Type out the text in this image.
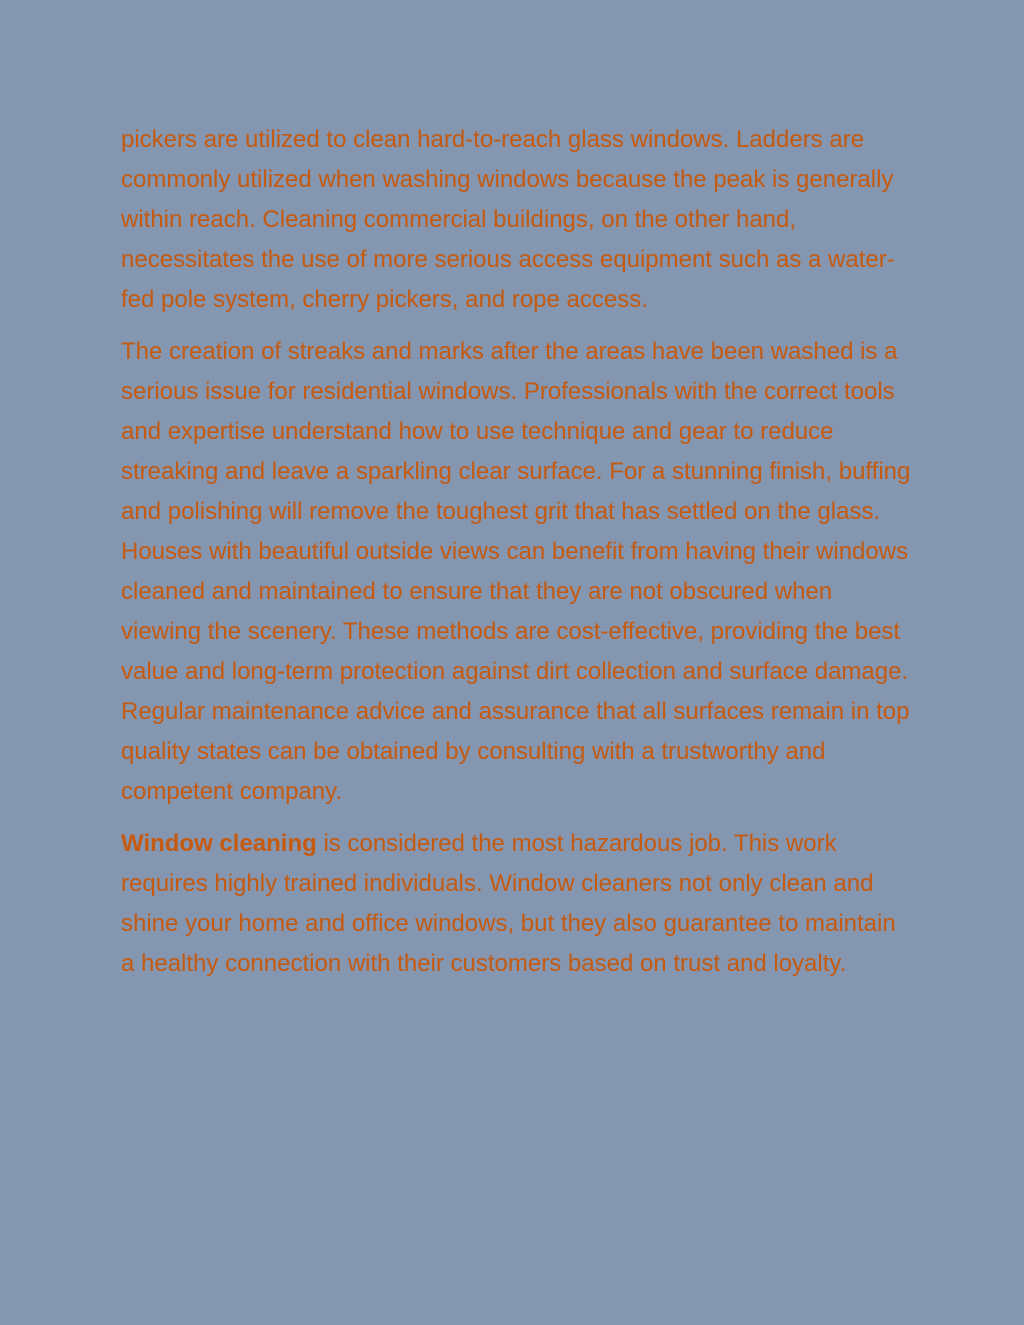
pickers are utilized to clean hard-to-reach glass windows. Ladders are commonly utilized when washing windows because the peak is generally within reach. Cleaning commercial buildings, on the other hand, necessitates the use of more serious access equipment such as a water-fed pole system, cherry pickers, and rope access.

The creation of streaks and marks after the areas have been washed is a serious issue for residential windows. Professionals with the correct tools and expertise understand how to use technique and gear to reduce streaking and leave a sparkling clear surface. For a stunning finish, buffing and polishing will remove the toughest grit that has settled on the glass. Houses with beautiful outside views can benefit from having their windows cleaned and maintained to ensure that they are not obscured when viewing the scenery. These methods are cost-effective, providing the best value and long-term protection against dirt collection and surface damage. Regular maintenance advice and assurance that all surfaces remain in top quality states can be obtained by consulting with a trustworthy and competent company.

Window cleaning is considered the most hazardous job. This work requires highly trained individuals. Window cleaners not only clean and shine your home and office windows, but they also guarantee to maintain a healthy connection with their customers based on trust and loyalty.
